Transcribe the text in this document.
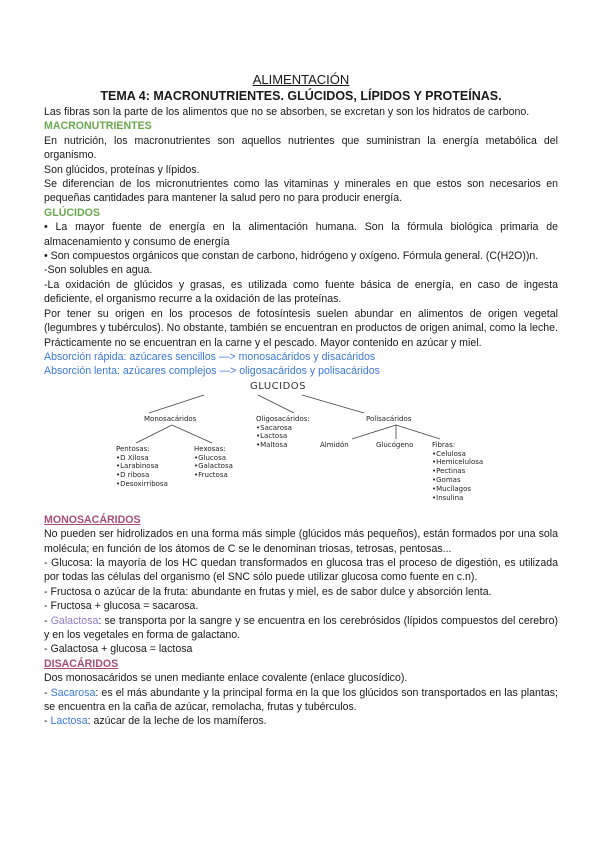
ALIMENTACIÓN

TEMA 4: MACRONUTRIENTES. GLÚCIDOS, LÍPIDOS Y PROTEÍNAS.

Las fibras son la parte de los alimentos que no se absorben, se excretan y son los hidratos de carbono.

MACRONUTRIENTES

En nutrición, los macronutrientes son aquellos nutrientes que suministran la energía metabólica del organismo.

Son glúcidos, proteínas y lípidos.

Se diferencian de los micronutrientes como las vitaminas y minerales en que estos son necesarios en pequeñas cantidades para mantener la salud pero no para producir energía.

GLÚCIDOS

• La mayor fuente de energía en la alimentación humana. Son la fórmula biológica primaria de almacenamiento y consumo de energía

• Son compuestos orgánicos que constan de carbono, hidrógeno y oxígeno. Fórmula general. (C(H2O))n.

-Son solubles en agua.

-La oxidación de glúcidos y grasas, es utilizada como fuente básica de energía, en caso de ingesta deficiente, el organismo recurre a la oxidación de las proteínas.

Por tener su origen en los procesos de fotosíntesis suelen abundar en alimentos de origen vegetal (legumbres y tubérculos). No obstante, también se encuentran en productos de origen animal, como la leche. Prácticamente no se encuentran en la carne y el pescado. Mayor contenido en azúcar y miel.

Absorción rápida: azúcares sencillos —> monosacáridos y disacáridos

Absorción lenta: azúcares complejos —> oligosacáridos y polisacáridos

GLUCIDOS
Monosacáridos	Oligosacáridos:
•Sacarosa
•Lactosa
•Maltosa
Polisacáridos
Pentosas:
•D Xilosa
•Larabinosa
•D ribosa
•Desoxirribosa
Hexosas:
•Glucosa
•Galactosa
•Fructosa
Almidón	Glucógeno	Fibras:
•Celulosa
•Hemicelulosa
•Pectinas
•Gomas
•Mucílagos
•Insulina

MONOSACÁRIDOS

No pueden ser hidrolizados en una forma más simple (glúcidos más pequeños), están formados por una sola molécula; en función de los átomos de C se le denominan triosas, tetrosas, pentosas...

- Glucosa: la mayoría de los HC quedan transformados en glucosa tras el proceso de digestión, es utilizada por todas las células del organismo (el SNC sólo puede utilizar glucosa como fuente en c.n).

- Fructosa o azúcar de la fruta: abundante en frutas y miel, es de sabor dulce y absorción lenta.

- Fructosa + glucosa = sacarosa.

- Galactosa: se transporta por la sangre y se encuentra en los cerebrósidos (lípidos compuestos del cerebro) y en los vegetales en forma de galactano.

- Galactosa + glucosa = lactosa

DISACÁRIDOS

Dos monosacáridos se unen mediante enlace covalente (enlace glucosídico).

- Sacarosa: es el más abundante y la principal forma en la que los glúcidos son transportados en las plantas; se encuentra en la caña de azúcar, remolacha, frutas y tubérculos.

- Lactosa: azúcar de la leche de los mamíferos.
